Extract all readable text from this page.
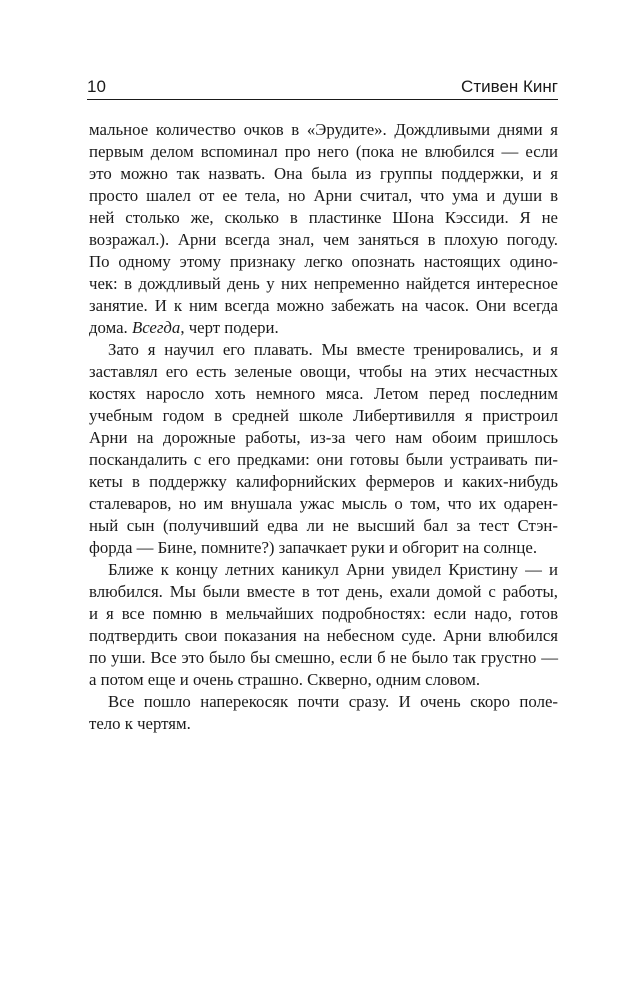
10	Стивен Кинг
мальное количество очков в «Эрудите». Дождливыми днями я
первым делом вспоминал про него (пока не влюбился — если
это можно так назвать. Она была из группы поддержки, и я
просто шалел от ее тела, но Арни считал, что ума и души в
ней столько же, сколько в пластинке Шона Кэссиди. Я не
возражал.). Арни всегда знал, чем заняться в плохую погоду.
По одному этому признаку легко опознать настоящих одино-
чек: в дождливый день у них непременно найдется интересное
занятие. И к ним всегда можно забежать на часок. Они всегда
дома. Всегда, черт подери.
Зато я научил его плавать. Мы вместе тренировались, и я
заставлял его есть зеленые овощи, чтобы на этих несчастных
костях наросло хоть немного мяса. Летом перед последним
учебным годом в средней школе Либертивилля я пристроил
Арни на дорожные работы, из-за чего нам обоим пришлось
поскандалить с его предками: они готовы были устраивать пи-
кеты в поддержку калифорнийских фермеров и каких-нибудь
сталеваров, но им внушала ужас мысль о том, что их одарен-
ный сын (получивший едва ли не высший бал за тест Стэн-
форда — Бине, помните?) запачкает руки и обгорит на солнце.
Ближе к концу летних каникул Арни увидел Кристину — и
влюбился. Мы были вместе в тот день, ехали домой с работы,
и я все помню в мельчайших подробностях: если надо, готов
подтвердить свои показания на небесном суде. Арни влюбился
по уши. Все это было бы смешно, если б не было так грустно —
а потом еще и очень страшно. Скверно, одним словом.
Все пошло наперекосяк почти сразу. И очень скоро поле-
тело к чертям.
